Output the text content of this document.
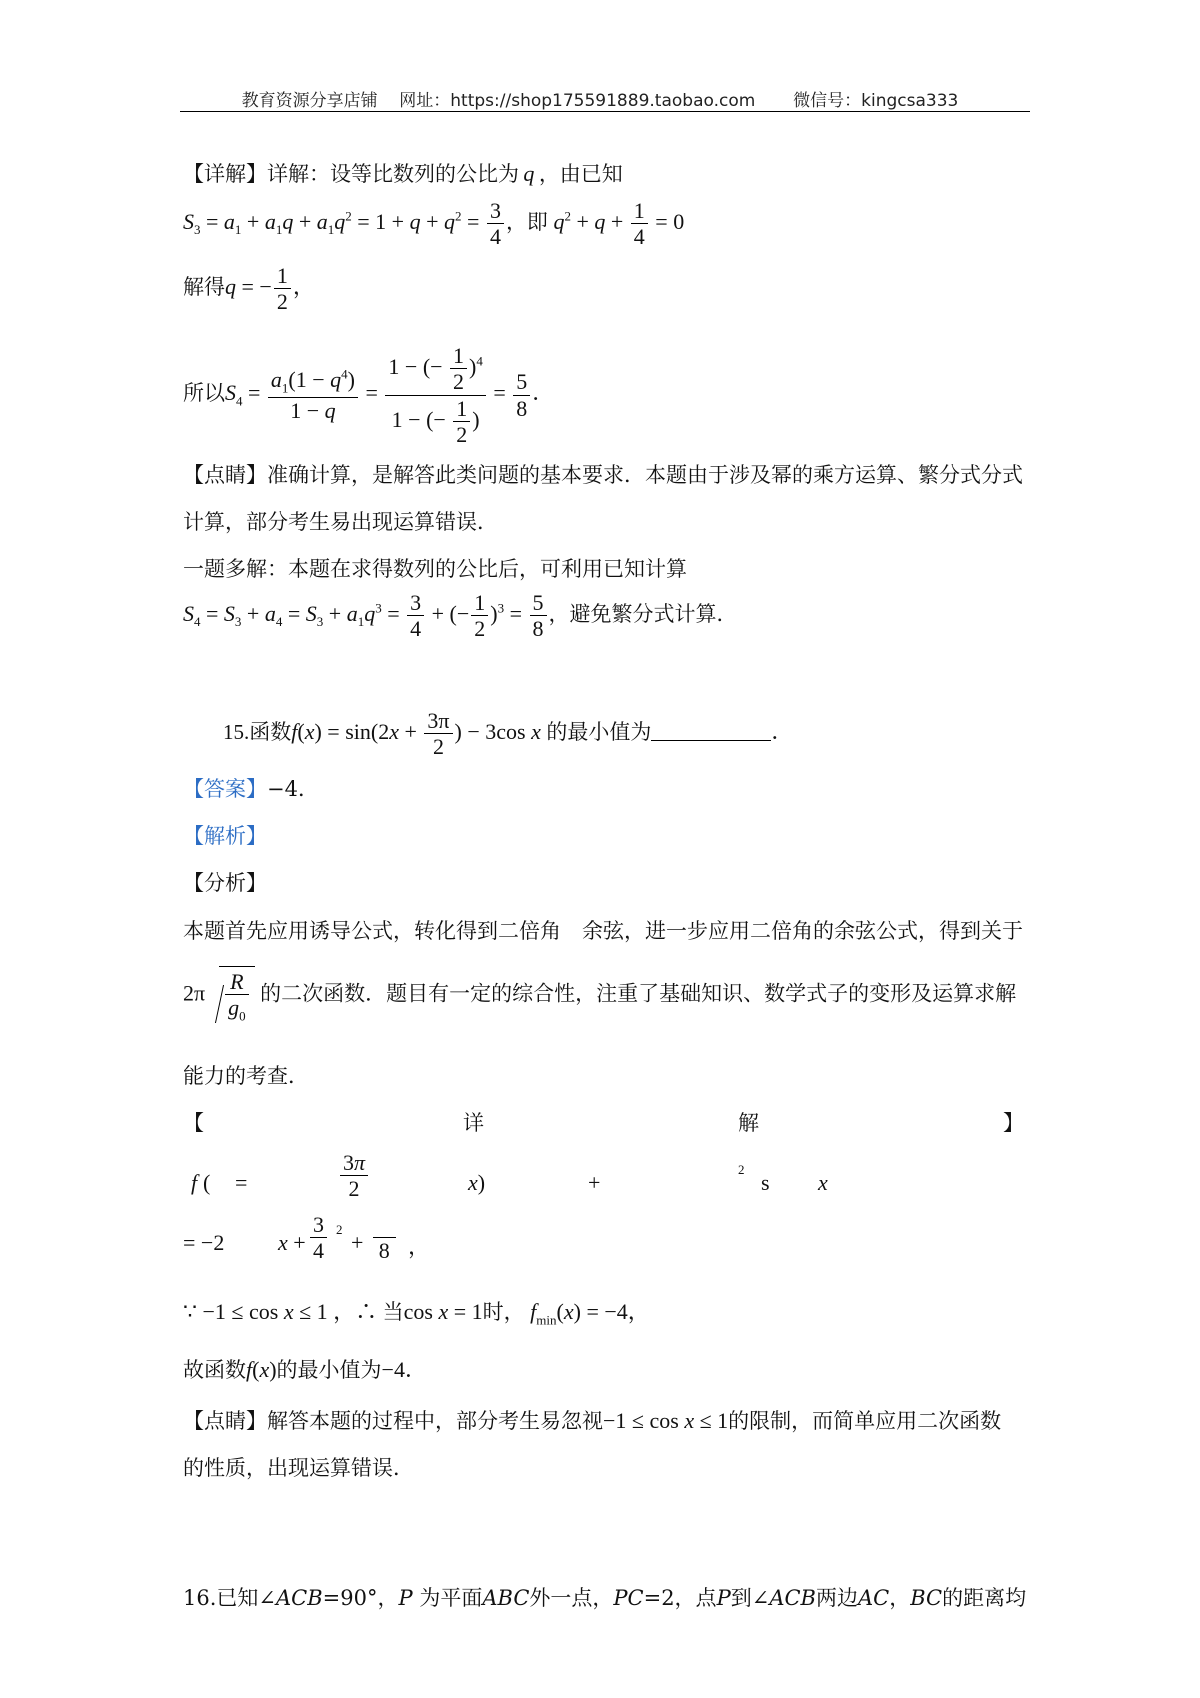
教育资源分享店铺 网址：https://shop175591889.taobao.com 微信号：kingcsa333
【详解】详解：设等比数列的公比为 q ，由已知
$S_3 = a_1 + a_1q + a_1q^2 = 1 + q + q^2 = \frac{3}{4}$ ，即 $q^2 + q + \frac{1}{4} = 0$
解得q = − $\frac{1}{2}$ ，
所以$S_4 = \frac{a_1(1 - q^4)}{1 - q} = \frac{1 - (- \frac{1}{2} )^4}{1 - (- \frac{1}{2} )} = \frac{5}{8}$ ．
【点睛】准确计算，是解答此类问题的基本要求．本题由于涉及幂的乘方运算、繁分式分式
计算，部分考生易出现运算错误．
一题多解：本题在求得数列的公比后，可利用已知计算
$S_4 = S_3 + a_4 = S_3 + a_1q^3 = \frac{3}{4}$ + (− $\frac{1}{2} )^3 = \frac{5}{8}$ ，避免繁分式计算．
15.函数$f(x) = \sin(2x + \frac{3\pi}{2}$ ) − 3cos x 的最小值为	．
【答案】−4．
【解析】
【分析】
本题首先应用诱导公式，转化得到二倍角　余弦，进一步应用二倍角的余弦公式，得到关于
$2\pi \frac{R}{g_0}$ 的二次函数．题目有一定的综合性，注重了基础知识、数学式子的变形及运算求解
能力的考查．
【	详	解	】
f ( =	$\frac{3\pi}{2}$	x)	+
2
s x
= −2 $x + \frac{3}{4} 2$
+
8 ，
∵ −1 ≤ cos x ≤ 1 ，∴ 当cos x = 1时， $f_{min}(x) = -4$，
故函数f(x)的最小值为−4．
【点睛】解答本题的过程中，部分考生易忽视−1 ≤ cos x ≤ 1的限制，而简单应用二次函数
的性质，出现运算错误．
16.已知∠ACB=90°，P 为平面ABC外一点，PC=2，点P到∠ACB两边AC，BC的距离均
